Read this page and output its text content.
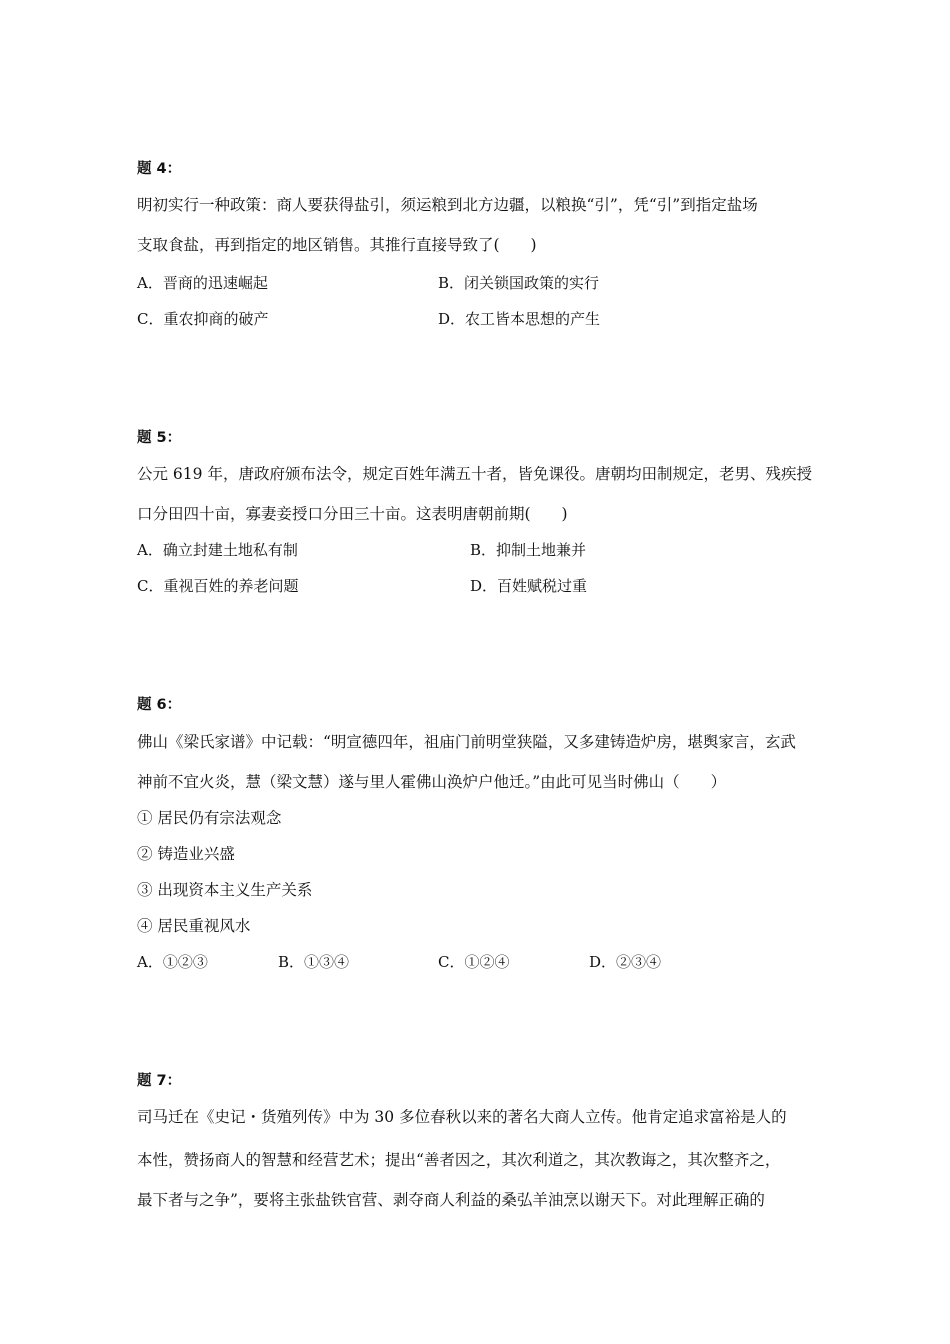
题 4：
明初实行一种政策：商人要获得盐引，须运粮到北方边疆，以粮换“引”，凭“引”到指定盐场
支取食盐，再到指定的地区销售。其推行直接导致了(　　)
A．晋商的迅速崛起	B．闭关锁国政策的实行
C．重农抑商的破产	D．农工皆本思想的产生
题 5：
公元 619 年，唐政府颁布法令，规定百姓年满五十者，皆免课役。唐朝均田制规定，老男、残疾授
口分田四十亩，寡妻妾授口分田三十亩。这表明唐朝前期(　　)
A．确立封建土地私有制	B．抑制土地兼并
C．重视百姓的养老问题	D．百姓赋税过重
题 6：
佛山《梁氏家谱》中记载：“明宣德四年，祖庙门前明堂狭隘，又多建铸造炉房，堪舆家言，玄武
神前不宜火炎，慧（梁文慧）遂与里人霍佛山涣炉户他迁。”由此可见当时佛山（　　）
① 居民仍有宗法观念
② 铸造业兴盛
③ 出现资本主义生产关系
④ 居民重视风水
A．①②③	B．①③④	C．①②④	D．②③④
题 7：
司马迁在《史记・货殖列传》中为 30 多位春秋以来的著名大商人立传。他肯定追求富裕是人的
本性，赞扬商人的智慧和经营艺术；提出“善者因之，其次利道之，其次教诲之，其次整齐之，
最下者与之争”，要将主张盐铁官营、剥夺商人利益的桑弘羊油烹以谢天下。对此理解正确的
